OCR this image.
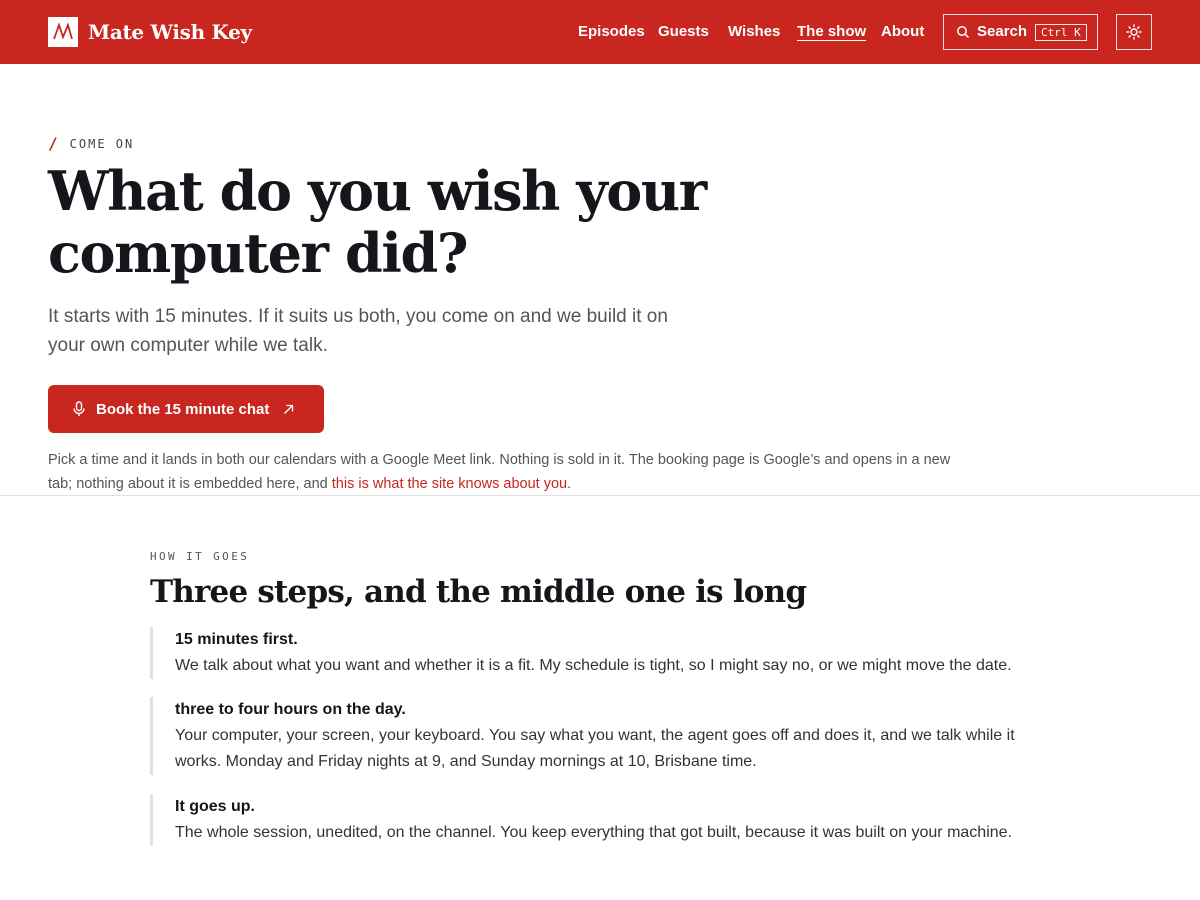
Mate Wish Key	Episodes Guests Wishes The show About	Search	Ctrl K
/ COME ON
What do you wish your computer did?

It starts with 15 minutes. If it suits us both, you come on and we build it on your own computer while we talk.

Book the 15 minute chat

Pick a time and it lands in both our calendars with a Google Meet link. Nothing is sold in it. The booking page is Google’s and opens in a new tab; nothing about it is embedded here, and this is what the site knows about you.

HOW IT GOES
Three steps, and the middle one is long
15 minutes first.
We talk about what you want and whether it is a fit. My schedule is tight, so I might say no, or we might move the date.
three to four hours on the day.
Your computer, your screen, your keyboard. You say what you want, the agent goes off and does it, and we talk while it works. Monday and Friday nights at 9, and Sunday mornings at 10, Brisbane time.
It goes up.
The whole session, unedited, on the channel. You keep everything that got built, because it was built on your machine.
